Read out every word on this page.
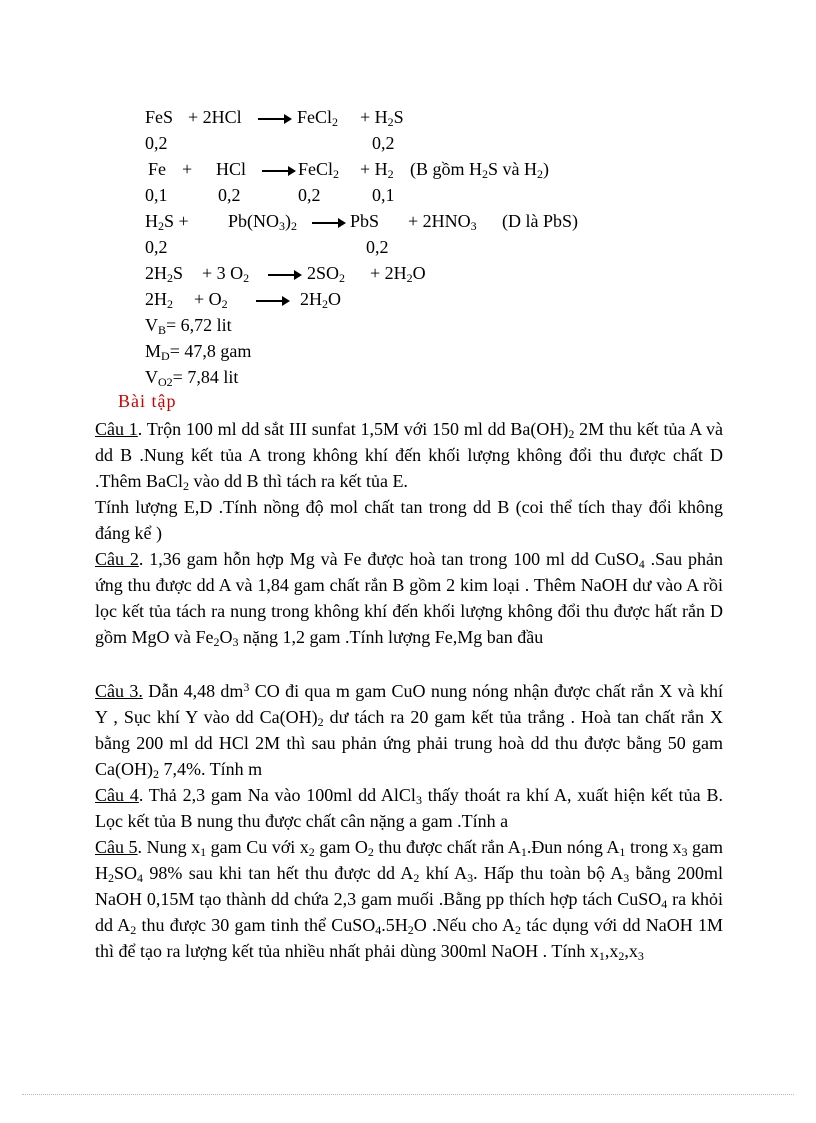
FeS + 2HCl	FeCl$_2$ + $H_2S$
0,2	0,2
Fe + HCl	FeCl$_2$ + $H_2$ (B gồm $H_2S$ và $H_2$)
0,1	0,2	0,2	0,1
$H_2S + Pb(NO_3)_2$	PbS + $2HNO_3$ (D là PbS)
0,2	0,2
$2H_2S + 3$ $O_2$	$2SO_2 + 2H_2O$
$2H_2 + O_2$	$2H_2O$
$V_B= 6,72$ lit
$M_D= 47,8$ gam
$V_{O2}= 7,84$ lit
Bài tập
Câu 1. Trộn 100 ml dd sắt III sunfat 1,5M với 150 ml dd $Ba(OH)_2$ 2M thu kết tủa A và dd B .Nung kết tủa A trong không khí đến khối lượng không đổi thu được chất D .Thêm BaCl$_2$ vào dd B thì tách ra kết tủa E.
Tính lượng E,D .Tính nồng độ mol chất tan trong dd B (coi thể tích thay đổi không đáng kể )
Câu 2. 1,36 gam hỗn hợp Mg và Fe được hoà tan trong 100 ml dd CuSO$_4$ .Sau phản ứng thu được dd A và 1,84 gam chất rắn B gồm 2 kim loại . Thêm NaOH dư vào A rồi lọc kết tủa tách ra nung trong không khí đến khối lượng không đổi thu được hất rắn D gồm MgO và $Fe_2O_3$ nặng 1,2 gam .Tính lượng Fe,Mg ban đầu
Câu 3. Dẫn 4,48 $dm^3$ CO đi qua m gam CuO nung nóng nhận được chất rắn X và khí Y , Sục khí Y vào dd $Ca(OH)_2$ dư tách ra 20 gam kết tủa trắng . Hoà tan chất rắn X bằng 200 ml dd HCl 2M thì sau phản ứng phải trung hoà dd thu được bằng 50 gam $Ca(OH)_2$ 7,4%. Tính m
Câu 4. Thả 2,3 gam Na vào 100ml dd AlCl$_3$ thấy thoát ra khí A, xuất hiện kết tủa B. Lọc kết tủa B nung thu được chất cân nặng a gam .Tính a
Câu 5. Nung $x_1$ gam Cu với $x_2$ gam $O_2$ thu được chất rắn $A_1.Đun$ nóng $A_1$ trong $x_3$ gam $H_2SO_4$ 98% sau khi tan hết thu được dd $A_2$ khí $A_3$. Hấp thu toàn bộ $A_3$ bằng 200ml NaOH 0,15M tạo thành dd chứa 2,3 gam muối .Bằng pp thích hợp tách CuSO$_4$ ra khỏi dd $A_2$ thu được 30 gam tinh thể $CuSO_4.5H_2O$ .Nếu cho $A_2$ tác dụng với dd NaOH 1M thì để tạo ra lượng kết tủa nhiều nhất phải dùng 300ml NaOH . Tính $x_1,x_2,x_3$
